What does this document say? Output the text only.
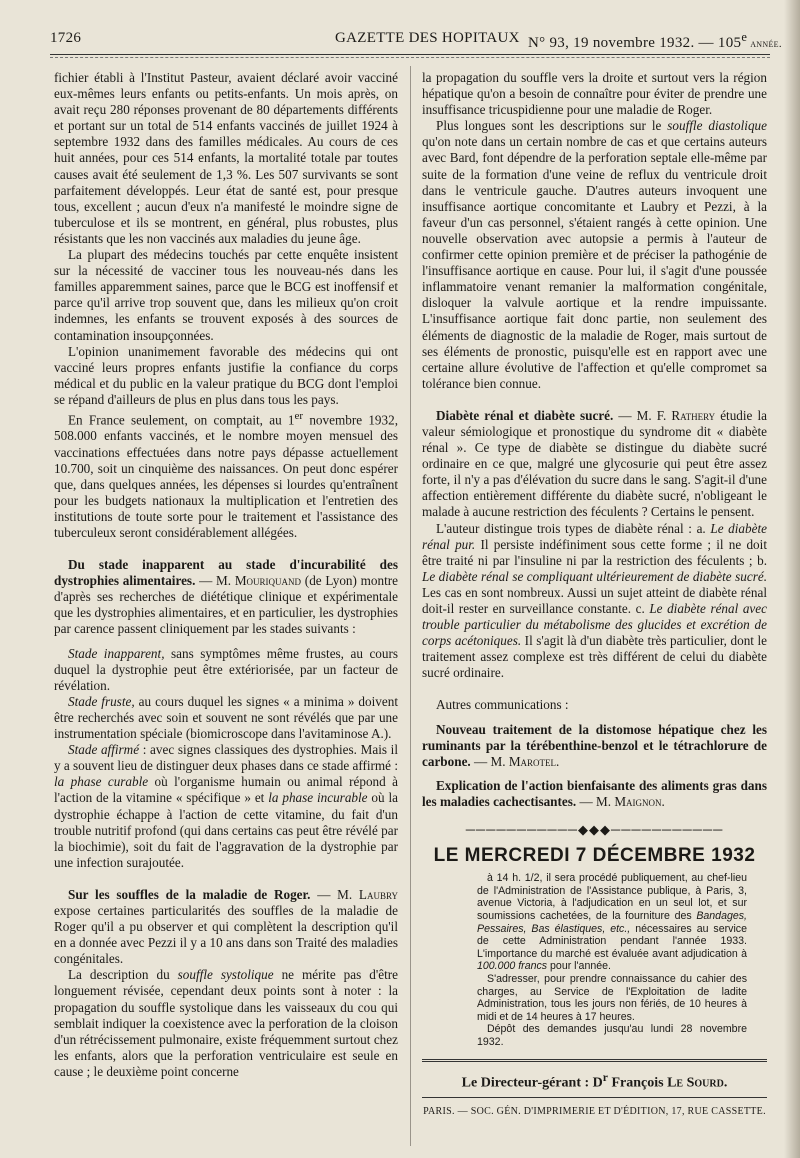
1726	GAZETTE DES HOPITAUX N° 93, 19 novembre 1932. — 105e année.

fichier établi à l'Institut Pasteur, avaient déclaré avoir vacciné eux-mêmes leurs enfants ou petits-enfants. Un mois après, on avait reçu 280 réponses provenant de 80 départements différents et portant sur un total de 514 enfants vaccinés de juillet 1924 à septembre 1932 dans des familles médicales. Au cours de ces huit années, pour ces 514 enfants, la mortalité totale par toutes causes avait été seulement de 1,3 %. Les 507 survivants se sont parfaitement développés. Leur état de santé est, pour presque tous, excellent ; aucun d'eux n'a manifesté le moindre signe de tuberculose et ils se montrent, en général, plus robustes, plus résistants que les non vaccinés aux maladies du jeune âge.

La plupart des médecins touchés par cette enquête insistent sur la nécessité de vacciner tous les nouveau-nés dans les familles apparemment saines, parce que le BCG est inoffensif et parce qu'il arrive trop souvent que, dans les milieux qu'on croit indemnes, les enfants se trouvent exposés à des sources de contamination insoupçonnées.

L'opinion unanimement favorable des médecins qui ont vacciné leurs propres enfants justifie la confiance du corps médical et du public en la valeur pratique du BCG dont l'emploi se répand d'ailleurs de plus en plus dans tous les pays.

En France seulement, on comptait, au 1er novembre 1932, 508.000 enfants vaccinés, et le nombre moyen mensuel des vaccinations effectuées dans notre pays dépasse actuellement 10.700, soit un cinquième des naissances. On peut donc espérer que, dans quelques années, les dépenses si lourdes qu'entraînent pour les budgets nationaux la multiplication et l'entretien des institutions de toute sorte pour le traitement et l'assistance des tuberculeux seront considérablement allégées.

Du stade inapparent au stade d'incurabilité des dystrophies alimentaires. — M. Mouriquand (de Lyon) montre d'après ses recherches de diététique clinique et expérimentale que les dystrophies alimentaires, et en particulier, les dystrophies par carence passent cliniquement par les stades suivants :

Stade inapparent, sans symptômes même frustes, au cours duquel la dystrophie peut être extériorisée, par un facteur de révélation.

Stade fruste, au cours duquel les signes « a minima » doivent être recherchés avec soin et souvent ne sont révélés que par une instrumentation spéciale (biomicroscope dans l'avitaminose A.).

Stade affirmé : avec signes classiques des dystrophies. Mais il y a souvent lieu de distinguer deux phases dans ce stade affirmé : la phase curable où l'organisme humain ou animal répond à l'action de la vitamine « spécifique » et la phase incurable où la dystrophie échappe à l'action de cette vitamine, du fait d'un trouble nutritif profond (qui dans certains cas peut être révélé par la biochimie), soit du fait de l'aggravation de la dystrophie par une infection surajoutée.

Sur les souffles de la maladie de Roger. — M. Laubry expose certaines particularités des souffles de la maladie de Roger qu'il a pu observer et qui complètent la description qu'il en a donnée avec Pezzi il y a 10 ans dans son Traité des maladies congénitales.

La description du souffle systolique ne mérite pas d'être longuement révisée, cependant deux points sont à noter : la propagation du souffle systolique dans les vaisseaux du cou qui semblait indiquer la coexistence avec la perforation de la cloison d'un rétrécissement pulmonaire, existe fréquemment surtout chez les enfants, alors que la perforation ventriculaire est seule en cause ; le deuxième point concerne

la propagation du souffle vers la droite et surtout vers la région hépatique qu'on a besoin de connaître pour éviter de prendre une insuffisance tricuspidienne pour une maladie de Roger.

Plus longues sont les descriptions sur le souffle diastolique qu'on note dans un certain nombre de cas et que certains auteurs avec Bard, font dépendre de la perforation septale elle-même par suite de la formation d'une veine de reflux du ventricule droit dans le ventricule gauche. D'autres auteurs invoquent une insuffisance aortique concomitante et Laubry et Pezzi, à la faveur d'un cas personnel, s'étaient rangés à cette opinion. Une nouvelle observation avec autopsie a permis à l'auteur de confirmer cette opinion première et de préciser la pathogénie de l'insuffisance aortique en cause. Pour lui, il s'agit d'une poussée inflammatoire venant remanier la malformation congénitale, disloquer la valvule aortique et la rendre impuissante. L'insuffisance aortique fait donc partie, non seulement des éléments de diagnostic de la maladie de Roger, mais surtout de ses éléments de pronostic, puisqu'elle est en rapport avec une certaine allure évolutive de l'affection et qu'elle compromet sa tolérance bien connue.

Diabète rénal et diabète sucré. — M. F. Rathery étudie la valeur sémiologique et pronostique du syndrome dit « diabète rénal ». Ce type de diabète se distingue du diabète sucré ordinaire en ce que, malgré une glycosurie qui peut être assez forte, il n'y a pas d'élévation du sucre dans le sang. S'agit-il d'une affection entièrement différente du diabète sucré, n'obligeant le malade à aucune restriction des féculents ? Certains le pensent.

L'auteur distingue trois types de diabète rénal : a. Le diabète rénal pur. Il persiste indéfiniment sous cette forme ; il ne doit être traité ni par l'insuline ni par la restriction des féculents ; b. Le diabète rénal se compliquant ultérieurement de diabète sucré. Les cas en sont nombreux. Aussi un sujet atteint de diabète rénal doit-il rester en surveillance constante. c. Le diabète rénal avec trouble particulier du métabolisme des glucides et excrétion de corps acétoniques. Il s'agit là d'un diabète très particulier, dont le traitement assez complexe est très différent de celui du diabète sucré ordinaire.

Autres communications :

Nouveau traitement de la distomose hépatique chez les ruminants par la térébenthine-benzol et le tétrachlorure de carbone. — M. Marotel.

Explication de l'action bienfaisante des aliments gras dans les maladies cachectisantes. — M. Maignon.

───────────◆◆◆───────────
LE MERCREDI 7 DÉCEMBRE 1932

à 14 h. 1/2, il sera procédé publiquement, au chef-lieu de l'Administration de l'Assistance publique, à Paris, 3, avenue Victoria, à l'adjudication en un seul lot, et sur soumissions cachetées, de la fourniture des Bandages, Pessaires, Bas élastiques, etc., nécessaires au service de cette Administration pendant l'année 1933. L'importance du marché est évaluée avant adjudication à 100.000 francs pour l'année.

S'adresser, pour prendre connaissance du cahier des charges, au Service de l'Exploitation de ladite Administration, tous les jours non fériés, de 10 heures à midi et de 14 heures à 17 heures.

Dépôt des demandes jusqu'au lundi 28 novembre 1932.

Le Directeur-gérant : $D^r$ François Le Sourd.
PARIS. — SOC. GÉN. D'IMPRIMERIE ET D'ÉDITION, 17, RUE CASSETTE.
